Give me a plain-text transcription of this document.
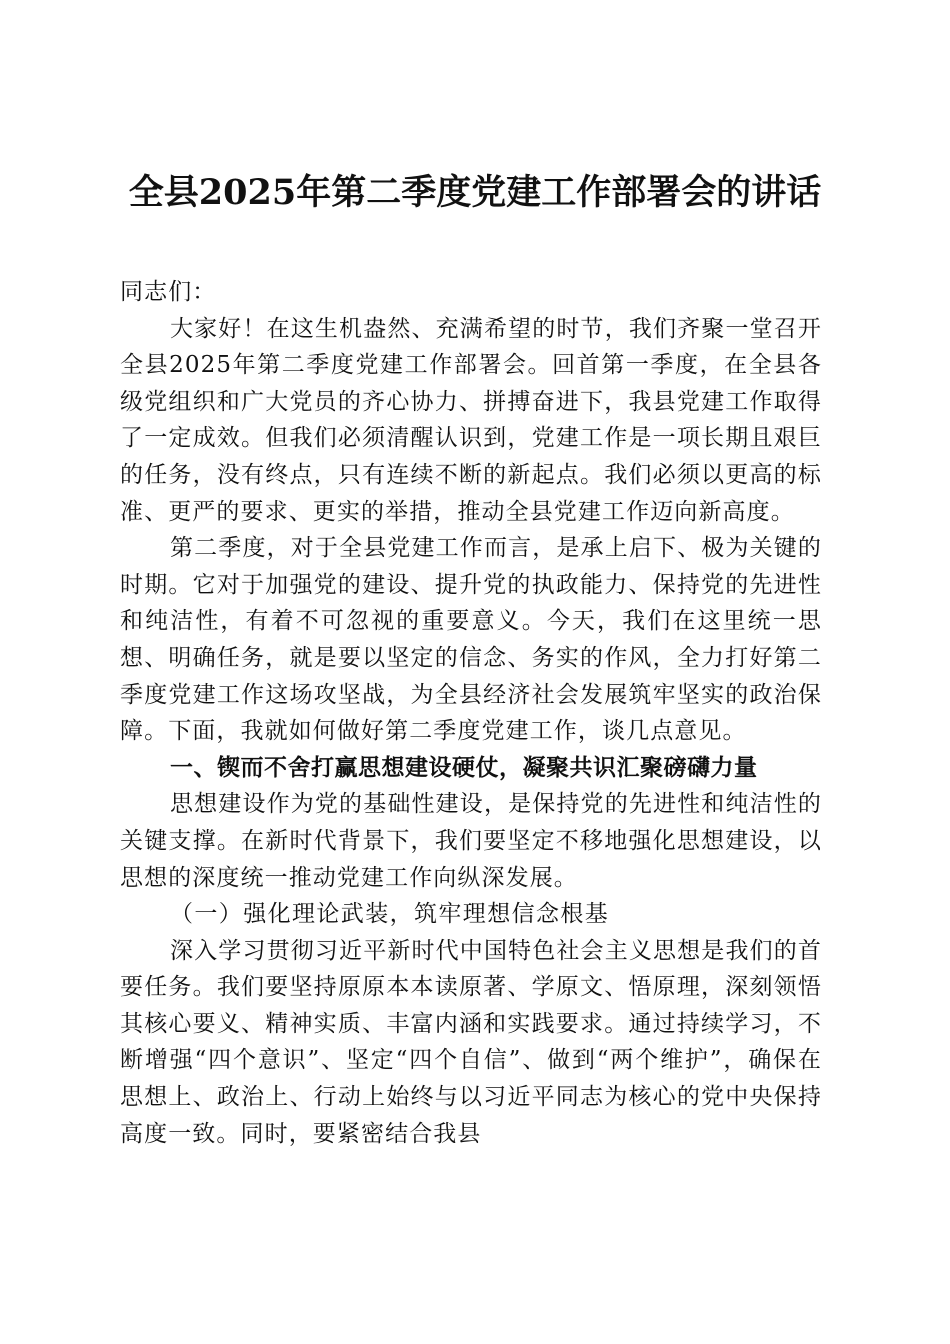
全县2025年第二季度党建工作部署会的讲话

同志们：

大家好！在这生机盎然、充满希望的时节，我们齐聚一堂召开全县2025年第二季度党建工作部署会。回首第一季度，在全县各级党组织和广大党员的齐心协力、拼搏奋进下，我县党建工作取得了一定成效。但我们必须清醒认识到，党建工作是一项长期且艰巨的任务，没有终点，只有连续不断的新起点。我们必须以更高的标准、更严的要求、更实的举措，推动全县党建工作迈向新高度。

第二季度，对于全县党建工作而言，是承上启下、极为关键的时期。它对于加强党的建设、提升党的执政能力、保持党的先进性和纯洁性，有着不可忽视的重要意义。今天，我们在这里统一思想、明确任务，就是要以坚定的信念、务实的作风，全力打好第二季度党建工作这场攻坚战，为全县经济社会发展筑牢坚实的政治保障。下面，我就如何做好第二季度党建工作，谈几点意见。

一、锲而不舍打赢思想建设硬仗，凝聚共识汇聚磅礴力量

思想建设作为党的基础性建设，是保持党的先进性和纯洁性的关键支撑。在新时代背景下，我们要坚定不移地强化思想建设，以思想的深度统一推动党建工作向纵深发展。

（一）强化理论武装，筑牢理想信念根基

深入学习贯彻习近平新时代中国特色社会主义思想是我们的首要任务。我们要坚持原原本本读原著、学原文、悟原理，深刻领悟其核心要义、精神实质、丰富内涵和实践要求。通过持续学习，不断增强“四个意识”、坚定“四个自信”、做到“两个维护”，确保在思想上、政治上、行动上始终与以习近平同志为核心的党中央保持高度一致。同时，要紧密结合我县
